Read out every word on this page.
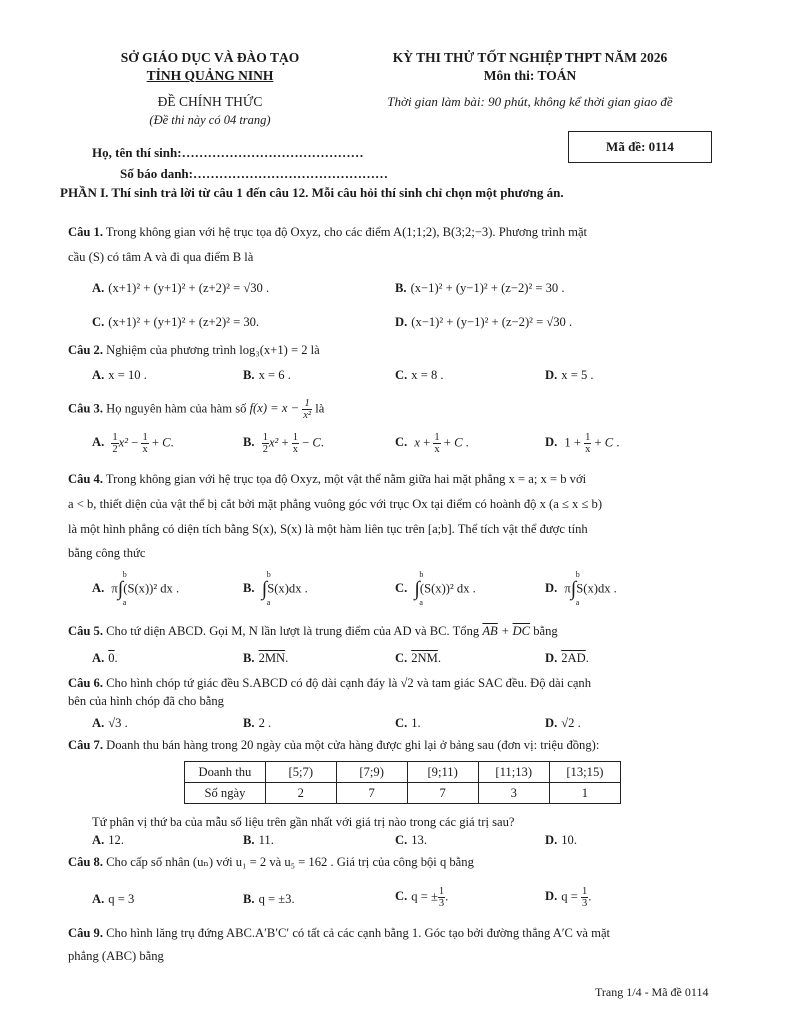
SỞ GIÁO DỤC VÀ ĐÀO TẠO
TỈNH QUẢNG NINH
ĐỀ CHÍNH THỨC
(Đề thi này có 04 trang)
KỲ THI THỬ TỐT NGHIỆP THPT NĂM 2026
Môn thi: TOÁN
Thời gian làm bài: 90 phút, không kể thời gian giao đề
Mã đề: 0114
Họ, tên thí sinh:……………………………………
Số báo danh:………………………………………
PHẦN I. Thí sinh trả lời từ câu 1 đến câu 12. Mỗi câu hỏi thí sinh chỉ chọn một phương án.
Câu 1. Trong không gian với hệ trục tọa độ Oxyz, cho các điểm A(1;1;2), B(3;2;−3). Phương trình mặt
cầu (S) có tâm A và đi qua điểm B là
A. (x+1)² + (y+1)² + (z+2)² = √30 .	B. (x−1)² + (y−1)² + (z−2)² = 30 .
C. (x+1)² + (y+1)² + (z+2)² = 30.	D. (x−1)² + (y−1)² + (z−2)² = √30 .
Câu 2. Nghiệm của phương trình log₃(x+1) = 2 là
A. x = 10 .	B. x = 6 .	C. x = 8 .	D. x = 5 .
Câu 3. Họ nguyên hàm của hàm số $f(x) = x - \frac{1}{\text{x²}}$ là
A. $\frac{1}{2} x^2 - \frac{1}{x} + C$.	B. $\frac{1}{2} x^2 + \frac{1}{x} - C$.	C. $x + \frac{1}{x} + C$ .	D. $1 + \frac{1}{x} + C$ .
Câu 4. Trong không gian với hệ trục tọa độ Oxyz, một vật thể nằm giữa hai mặt phẳng x = a; x = b với
a < b, thiết diện của vật thể bị cắt bởi mặt phẳng vuông góc với trục Ox tại điểm có hoành độ x (a ≤ x ≤ b)
là một hình phẳng có diện tích bằng S(x), S(x) là một hàm liên tục trên [a;b]. Thể tích vật thể được tính
bằng công thức
A. π∫
b
a
(S(x))² dx .	B. ∫
b
a
S(x)dx .	C. ∫
b
a
(S(x))² dx .	D. π∫
b
a
S(x)dx .
Câu 5. Cho tứ diện ABCD. Gọi M, N lần lượt là trung điểm của AD và BC. Tổng $\overline{AB} + \overline{DC}$ bằng
A. 0.	B. 2MN.	C. 2NM.	D. 2AD.
Câu 6. Cho hình chóp tứ giác đều S.ABCD có độ dài cạnh đáy là √2 và tam giác SAC đều. Độ dài cạnh
bên của hình chóp đã cho bằng
A. √3 .	B. 2 .	C. 1.	D. √2 .
Câu 7. Doanh thu bán hàng trong 20 ngày của một cửa hàng được ghi lại ở bảng sau (đơn vị: triệu đồng):
Doanh thu	[5;7)	[7;9)	[9;11)	[11;13)	[13;15)
Số ngày	2	7	7	3	1
Tứ phân vị thứ ba của mẫu số liệu trên gần nhất với giá trị nào trong các giá trị sau?
A. 12.	B. 11.	C. 13.	D. 10.
Câu 8. Cho cấp số nhân (uₙ) với u₁ = 2 và u₅ = 162 . Giá trị của công bội q bằng
A. q = 3	B. q = ±3.	C. q = ± $\frac{1}{3}$ .	D. $q = \frac{1}{3}$ .
Câu 9. Cho hình lăng trụ đứng ABC.A′B′C′ có tất cả các cạnh bằng 1. Góc tạo bởi đường thẳng A′C và mặt
phẳng (ABC) bằng
Trang 1/4 - Mã đề 0114
